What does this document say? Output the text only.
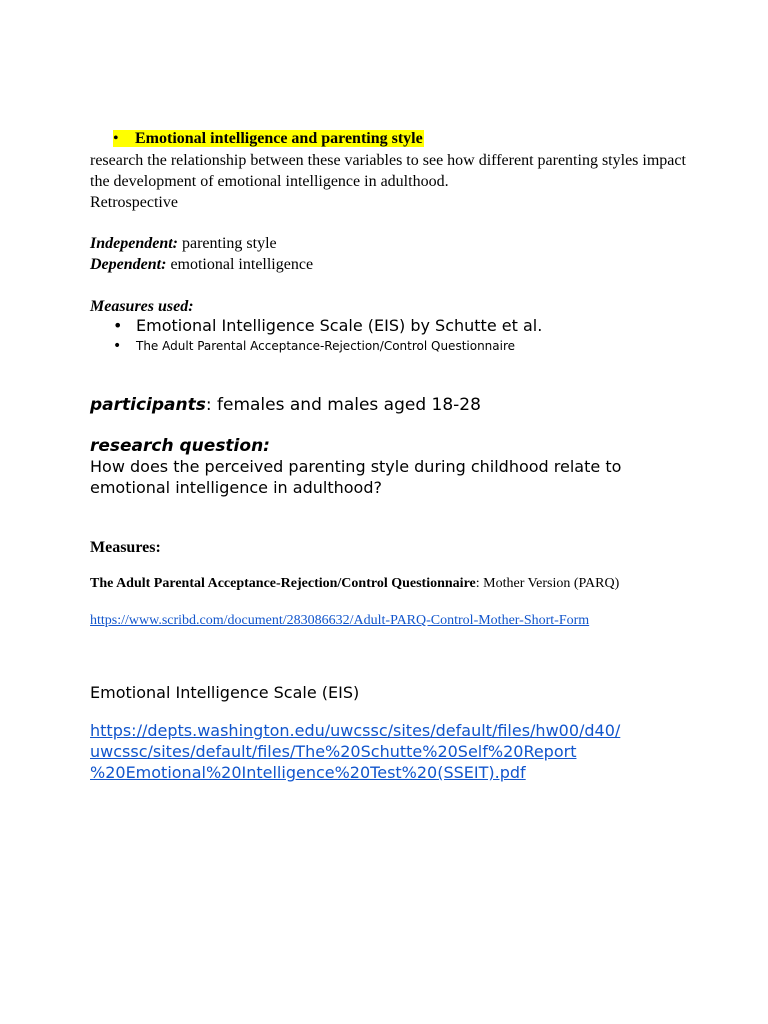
• Emotional intelligence and parenting style
research the relationship between these variables to see how different parenting styles impact the development of emotional intelligence in adulthood.
Retrospective
Independent: parenting style
Dependent: emotional intelligence
Measures used:
• Emotional Intelligence Scale (EIS) by Schutte et al.
• The Adult Parental Acceptance-Rejection/Control Questionnaire
participants: females and males aged 18-28
research question:
How does the perceived parenting style during childhood relate to emotional intelligence in adulthood?
Measures:
The Adult Parental Acceptance-Rejection/Control Questionnaire: Mother Version (PARQ)
https://www.scribd.com/document/283086632/Adult-PARQ-Control-Mother-Short-Form
Emotional Intelligence Scale (EIS)
https://depts.washington.edu/uwcssc/sites/default/files/hw00/d40/
uwcssc/sites/default/files/The%20Schutte%20Self%20Report
%20Emotional%20Intelligence%20Test%20(SSEIT).pdf
